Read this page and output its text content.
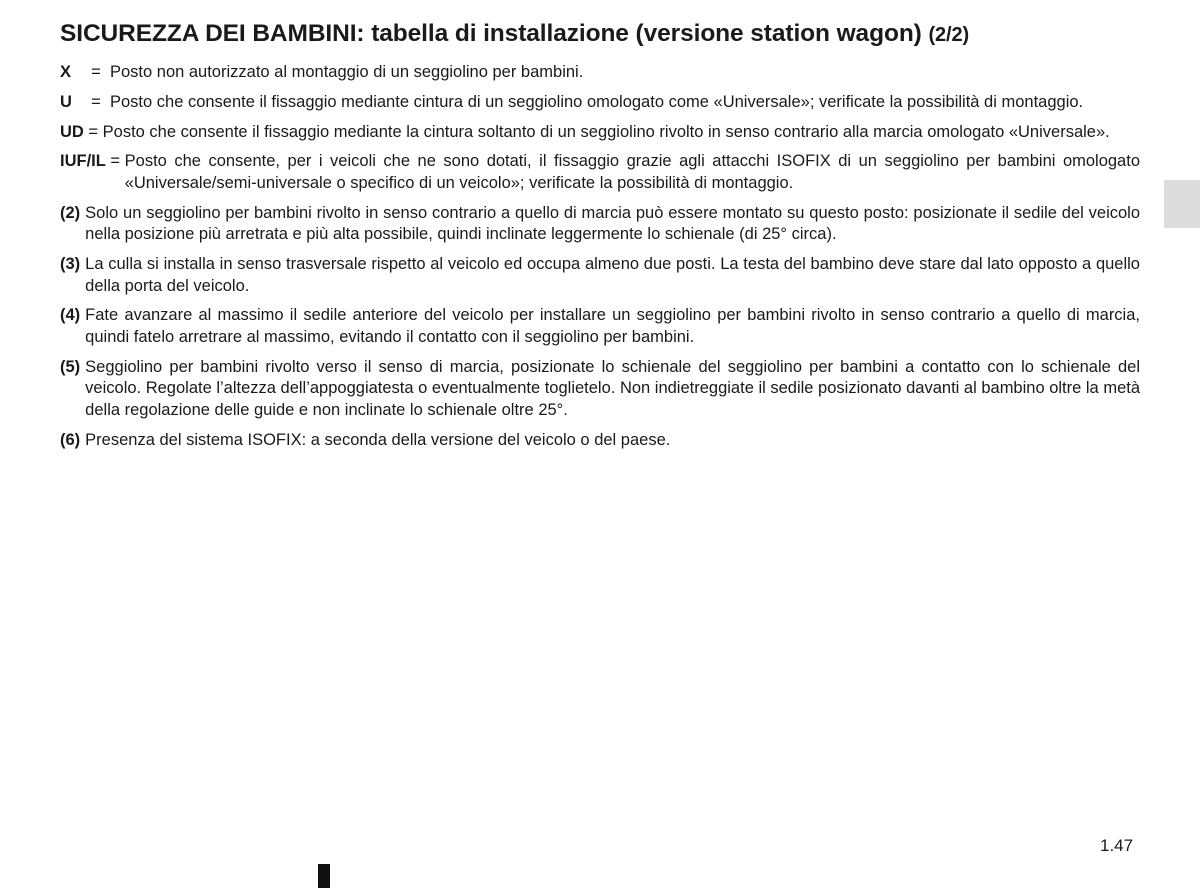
SICUREZZA DEI BAMBINI: tabella di installazione (versione station wagon) (2/2)
X = Posto non autorizzato al montaggio di un seggiolino per bambini.
U = Posto che consente il fissaggio mediante cintura di un seggiolino omologato come «Universale»; verificate la possibilità di montaggio.
UD = Posto che consente il fissaggio mediante la cintura soltanto di un seggiolino rivolto in senso contrario alla marcia omologato «Universale».
IUF/IL = Posto che consente, per i veicoli che ne sono dotati, il fissaggio grazie agli attacchi ISOFIX di un seggiolino per bambini omologato «Universale/semi-universale o specifico di un veicolo»; verificate la possibilità di montaggio.
(2) Solo un seggiolino per bambini rivolto in senso contrario a quello di marcia può essere montato su questo posto: posizionate il sedile del veicolo nella posizione più arretrata e più alta possibile, quindi inclinate leggermente lo schienale (di 25° circa).
(3) La culla si installa in senso trasversale rispetto al veicolo ed occupa almeno due posti. La testa del bambino deve stare dal lato opposto a quello della porta del veicolo.
(4) Fate avanzare al massimo il sedile anteriore del veicolo per installare un seggiolino per bambini rivolto in senso contrario a quello di marcia, quindi fatelo arretrare al massimo, evitando il contatto con il seggiolino per bambini.
(5) Seggiolino per bambini rivolto verso il senso di marcia, posizionate lo schienale del seggiolino per bambini a contatto con lo schienale del veicolo. Regolate l’altezza dell’appoggiatesta o eventualmente toglietelo. Non indietreggiate il sedile posizionato davanti al bambino oltre la metà della regolazione delle guide e non inclinate lo schienale oltre 25°.
(6) Presenza del sistema ISOFIX: a seconda della versione del veicolo o del paese.
1.47
